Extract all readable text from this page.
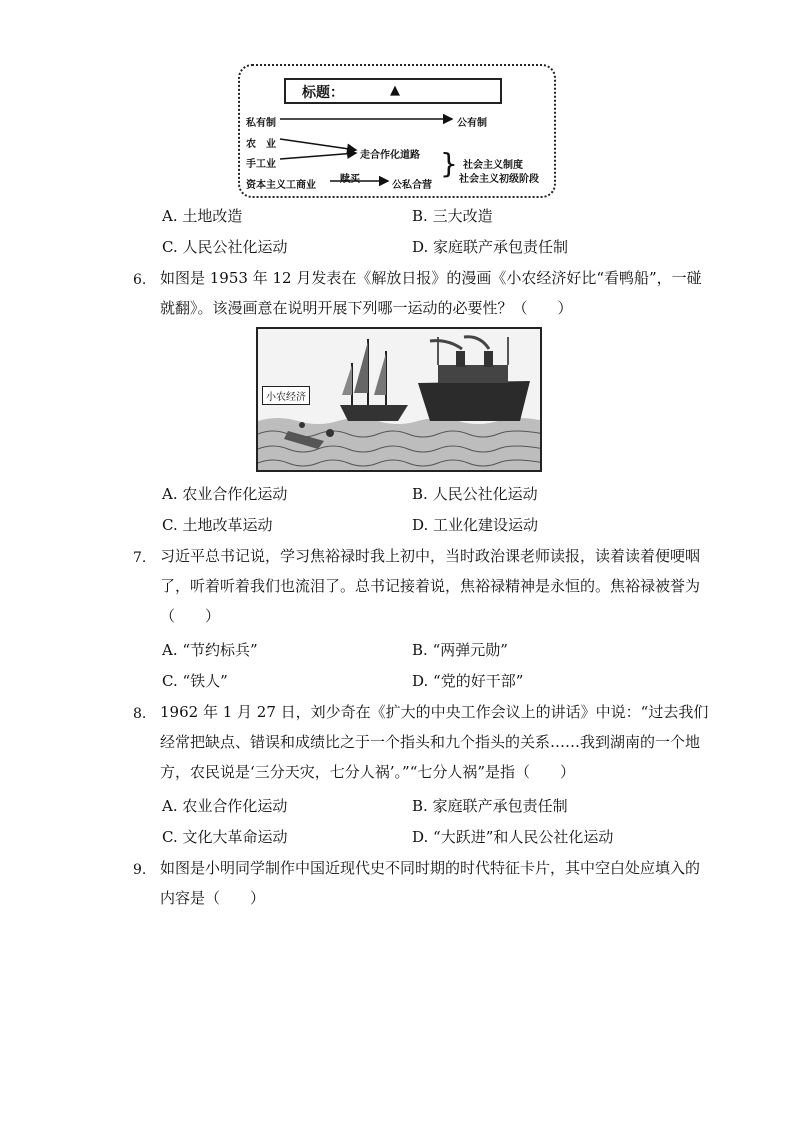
标题：	▲
私有制	公有制
农　业
手工业
资本主义工商业
走合作化道路
赎买
公私合营
} 社会主义制度
社会主义初级阶段
A. 土地改造	B. 三大改造
C. 人民公社化运动	D. 家庭联产承包责任制
6. 如图是 1953 年 12 月发表在《解放日报》的漫画《小农经济好比“看鸭船”，一碰
就翻》。该漫画意在说明开展下列哪一运动的必要性？（　　）
小农经济
A. 农业合作化运动	B. 人民公社化运动
C. 土地改革运动	D. 工业化建设运动
7. 习近平总书记说，学习焦裕禄时我上初中，当时政治课老师读报，读着读着便哽咽
了，听着听着我们也流泪了。总书记接着说，焦裕禄精神是永恒的。焦裕禄被誉为
（　　）
A. “节约标兵”	B. “两弹元勋”
C. “铁人”	D. “党的好干部”
8. 1962 年 1 月 27 日，刘少奇在《扩大的中央工作会议上的讲话》中说：“过去我们
经常把缺点、错误和成绩比之于一个指头和九个指头的关系……我到湖南的一个地
方，农民说是‘三分天灾，七分人祸’。”“七分人祸”是指（　　）
A. 农业合作化运动	B. 家庭联产承包责任制
C. 文化大革命运动	D. “大跃进”和人民公社化运动
9. 如图是小明同学制作中国近现代史不同时期的时代特征卡片，其中空白处应填入的
内容是（　　）
